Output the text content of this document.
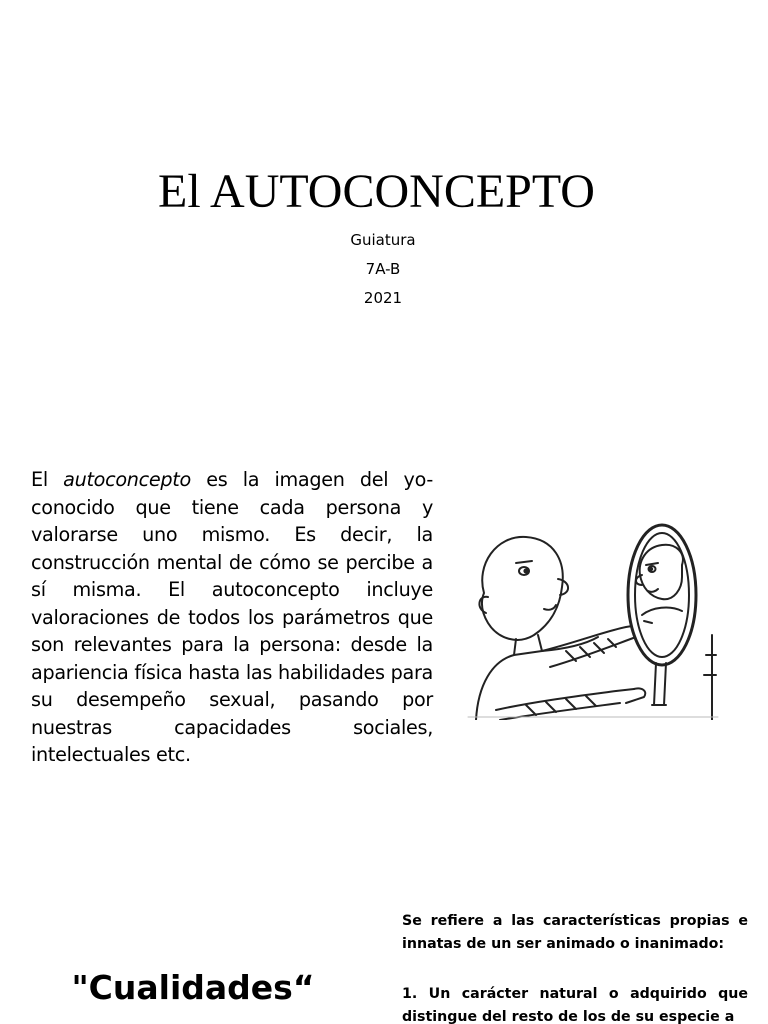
El AUTOCONCEPTO
Guiatura
7A-B
2021
El autoconcepto es la imagen del yo-conocido que tiene cada persona y valorarse uno mismo. Es decir, la construcción mental de cómo se percibe a sí misma. El autoconcepto incluye valoraciones de todos los parámetros que son relevantes para la persona: desde la apariencia física hasta las habilidades para su desempeño sexual, pasando por nuestras capacidades sociales, intelectuales etc.
"Cualidades“
Se refiere a las características propias e innatas de un ser animado o inanimado:
1. Un carácter natural o adquirido que distingue del resto de los de su especie a
